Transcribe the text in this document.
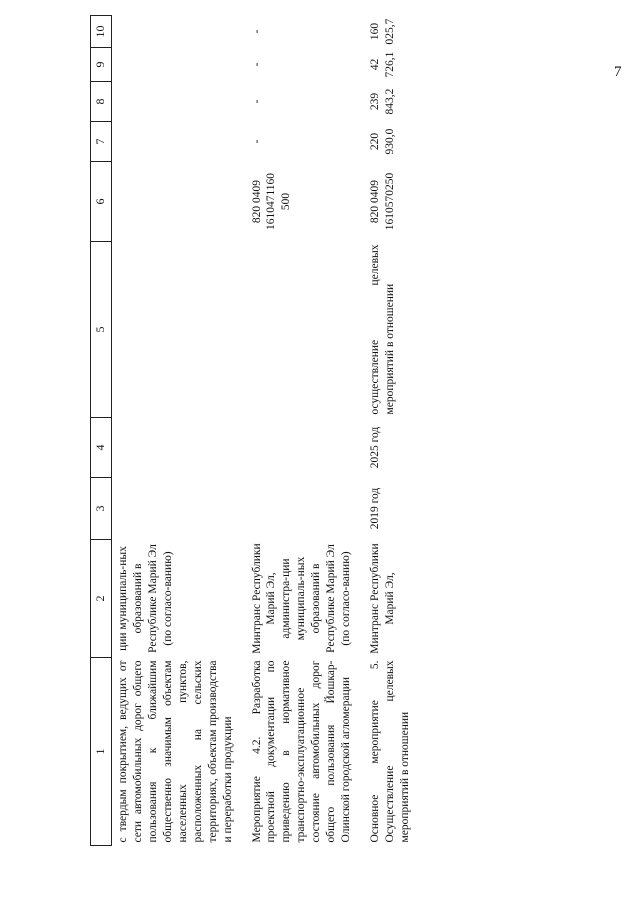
7
1	2	3	4	5	6	7	8	9	10
с твердым покрытием, ведущих от сети автомобильных дорог общего пользования к ближайшим общественно значимым объектам населенных пунктов, расположенных на сельских территориях, объектам производства и переработки продукции	ции муниципаль-ных образований в Республике Марий Эл (по согласо-ванию)								
Мероприятие 4.2. Разработка проектной документации по приведению в нормативное транспортно-эксплуатационное состояние автомобильных дорог общего пользования Йошкар-Олинской городской агломерации	Минтранс Республики Марий Эл, администра-ции муниципаль-ных образований в Республике Марий Эл (по согласо-ванию)				820 0409 1610471160 500	-	-	-	-
Основное мероприятие 5. Осуществление целевых мероприятий в отношении	Минтранс Республики Марий Эл,	2019 год	2025 год	осуществление целевых мероприятий в отношении	820 0409 1610570250	220 930,0	239 843,2	42 726,1	160 025,7
